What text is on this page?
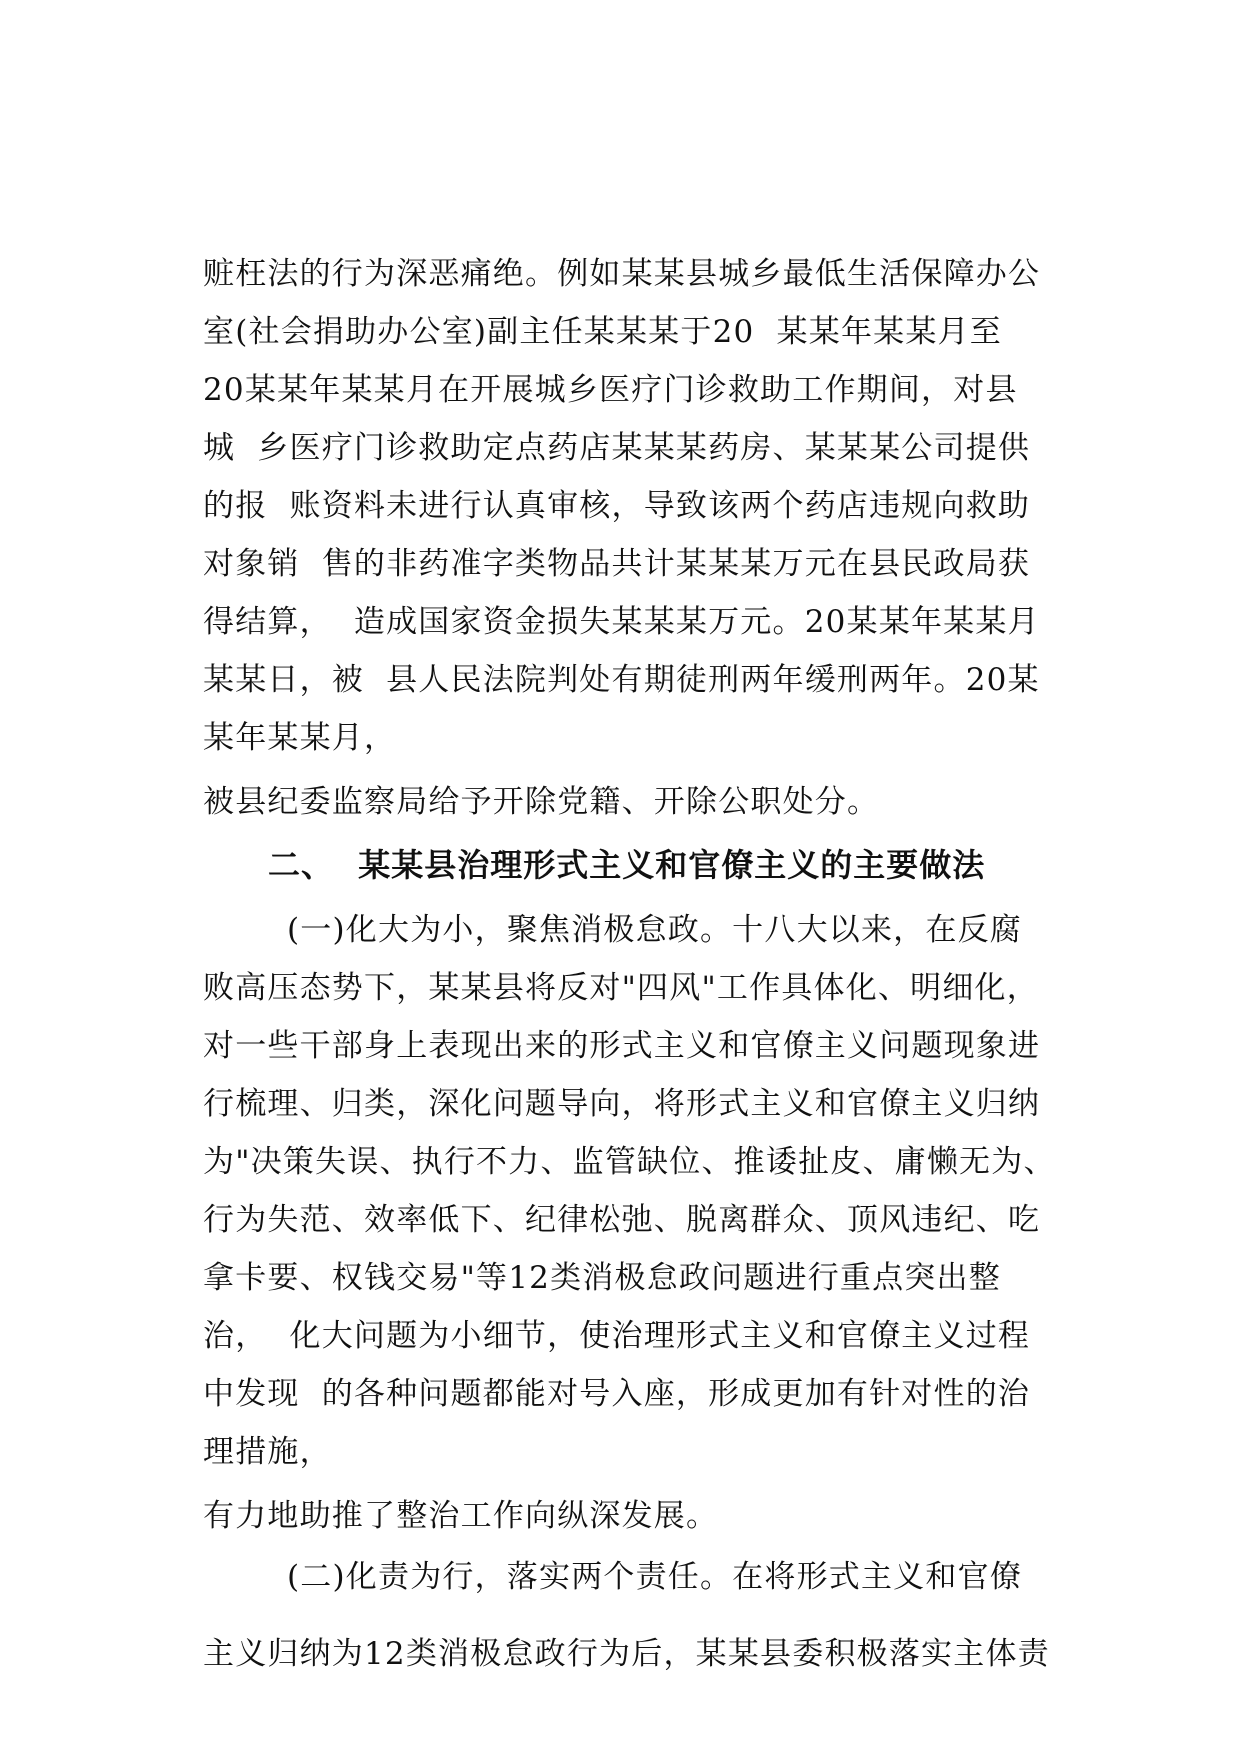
赃枉法的行为深恶痛绝。例如某某县城乡最低生活保障办公
室(社会捐助办公室)副主任某某某于20  某某年某某月至
20某某年某某月在开展城乡医疗门诊救助工作期间，对县
城  乡医疗门诊救助定点药店某某某药房、某某某公司提供
的报  账资料未进行认真审核，导致该两个药店违规向救助
对象销  售的非药准字类物品共计某某某万元在县民政局获
得结算，  造成国家资金损失某某某万元。20某某年某某月
某某日，被  县人民法院判处有期徒刑两年缓刑两年。20某
某年某某月，
被县纪委监察局给予开除党籍、开除公职处分。
二、  某某县治理形式主义和官僚主义的主要做法
(一)化大为小，聚焦消极怠政。十八大以来，在反腐
败高压态势下，某某县将反对"四风"工作具体化、明细化，
对一些干部身上表现出来的形式主义和官僚主义问题现象进
行梳理、归类，深化问题导向，将形式主义和官僚主义归纳
为"决策失误、执行不力、监管缺位、推诿扯皮、庸懒无为、
行为失范、效率低下、纪律松弛、脱离群众、顶风违纪、吃
拿卡要、权钱交易"等12类消极怠政问题进行重点突出整
治，  化大问题为小细节，使治理形式主义和官僚主义过程
中发现  的各种问题都能对号入座，形成更加有针对性的治
理措施，
有力地助推了整治工作向纵深发展。
(二)化责为行，落实两个责任。在将形式主义和官僚
主义归纳为12类消极怠政行为后，某某县委积极落实主体责
